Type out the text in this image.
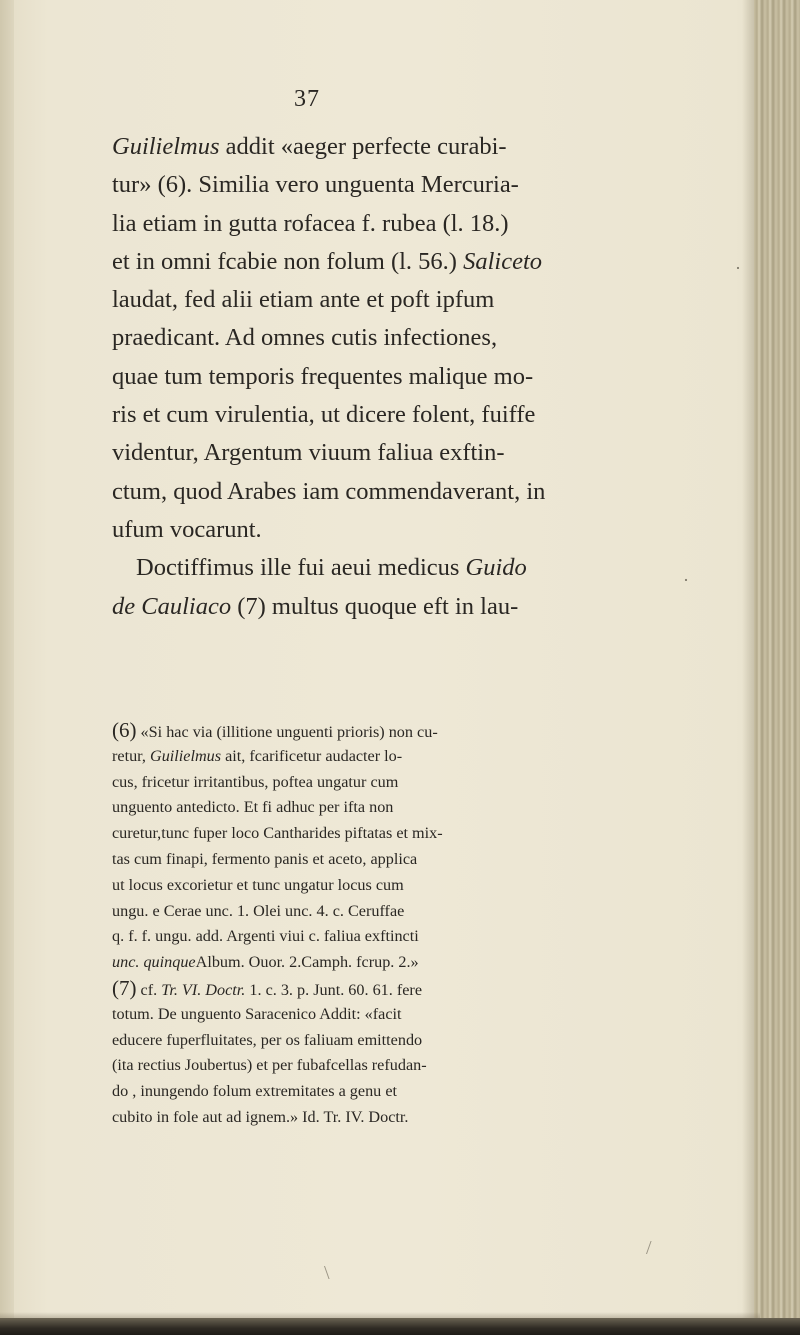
37
Guilielmus addit «aeger perfecte curabi-
tur» (6). Similia vero unguenta Mercuria-
lia etiam in gutta rofacea f. rubea (l. 18.)
et in omni fcabie non folum (l. 56.) Saliceto
laudat, fed alii etiam ante et poft ipfum
praedicant. Ad omnes cutis infectiones,
quae tum temporis frequentes malique mo-
ris et cum virulentia, ut dicere folent, fuiffe
videntur, Argentum viuum faliua exftin-
ctum, quod Arabes iam commendaverant, in
ufum vocarunt.
Doctiffimus ille fui aeui medicus Guido
de Cauliaco (7) multus quoque eft in lau-
(6) «Si hac via (illitione unguenti prioris) non cu-
retur, Guilielmus ait, fcarificetur audacter lo-
cus, fricetur irritantibus, poftea ungatur cum
unguento antedicto. Et fi adhuc per ifta non
curetur,tunc fuper loco Cantharides piftatas et mix-
tas cum finapi, fermento panis et aceto, applica
ut locus excorietur et tunc ungatur locus cum
ungu. e Cerae unc. 1. Olei unc. 4. c. Ceruffae
q. f. f. ungu. add. Argenti viui c. faliua exftincti
unc. quinqueAlbum. Ouor. 2.Camph. fcrup. 2.»
(7) cf. Tr. VI. Doctr. 1. c. 3. p. Junt. 60. 61. fere
totum. De unguento Saracenico Addit: «facit
educere fuperfluitates, per os faliuam emittendo
(ita rectius Joubertus) et per fubafcellas refudan-
do , inungendo folum extremitates a genu et
cubito in fole aut ad ignem.» Id. Tr. IV. Doctr.
·
·
/
\
